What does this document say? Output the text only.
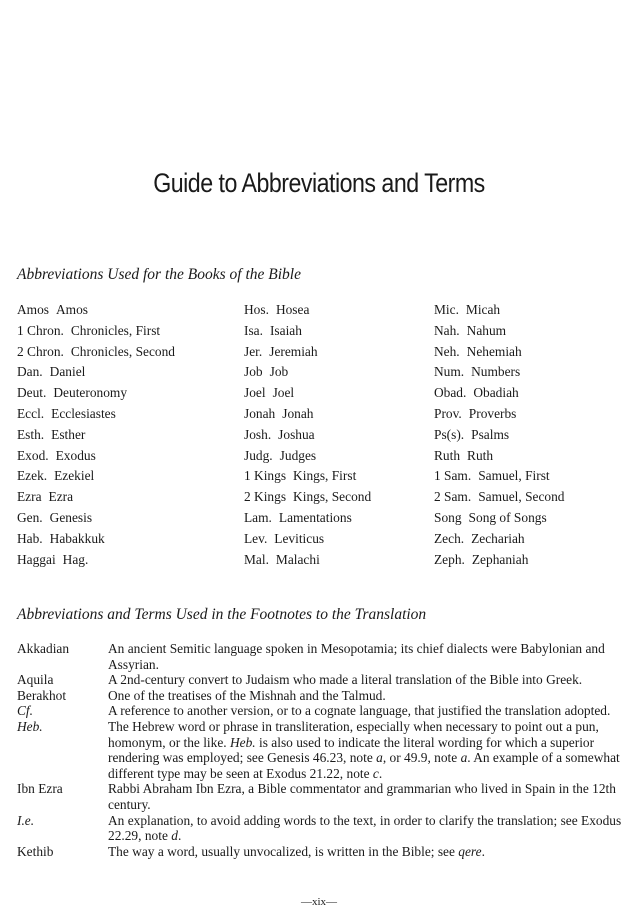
Guide to Abbreviations and Terms
Abbreviations Used for the Books of the Bible
Amos Amos	Hos. Hosea	Mic. Micah
1 Chron. Chronicles, First	Isa. Isaiah	Nah. Nahum
2 Chron. Chronicles, Second	Jer. Jeremiah	Neh. Nehemiah
Dan. Daniel	Job Job	Num. Numbers
Deut. Deuteronomy	Joel Joel	Obad. Obadiah
Eccl. Ecclesiastes	Jonah Jonah	Prov. Proverbs
Esth. Esther	Josh. Joshua	Ps(s). Psalms
Exod. Exodus	Judg. Judges	Ruth Ruth
Ezek. Ezekiel	1 Kings Kings, First	1 Sam. Samuel, First
Ezra Ezra	2 Kings Kings, Second	2 Sam. Samuel, Second
Gen. Genesis	Lam. Lamentations	Song Song of Songs
Hab. Habakkuk	Lev. Leviticus	Zech. Zechariah
Haggai Hag.	Mal. Malachi	Zeph. Zephaniah
Abbreviations and Terms Used in the Footnotes to the Translation
Akkadian	An ancient Semitic language spoken in Mesopotamia; its chief dialects were Babylonian and Assyrian.
Aquila	A 2nd-century convert to Judaism who made a literal translation of the Bible into Greek.
Berakhot	One of the treatises of the Mishnah and the Talmud.
Cf.	A reference to another version, or to a cognate language, that justified the translation adopted.
Heb.	The Hebrew word or phrase in transliteration, especially when necessary to point out a pun, homonym, or the like. Heb. is also used to indicate the literal wording for which a superior rendering was employed; see Genesis 46.23, note a, or 49.9, note a. An example of a somewhat different type may be seen at Exodus 21.22, note c.
Ibn Ezra	Rabbi Abraham Ibn Ezra, a Bible commentator and grammarian who lived in Spain in the 12th century.
I.e.	An explanation, to avoid adding words to the text, in order to clarify the translation; see Exodus 22.29, note d.
Kethib	The way a word, usually unvocalized, is written in the Bible; see qere.
—xix—
